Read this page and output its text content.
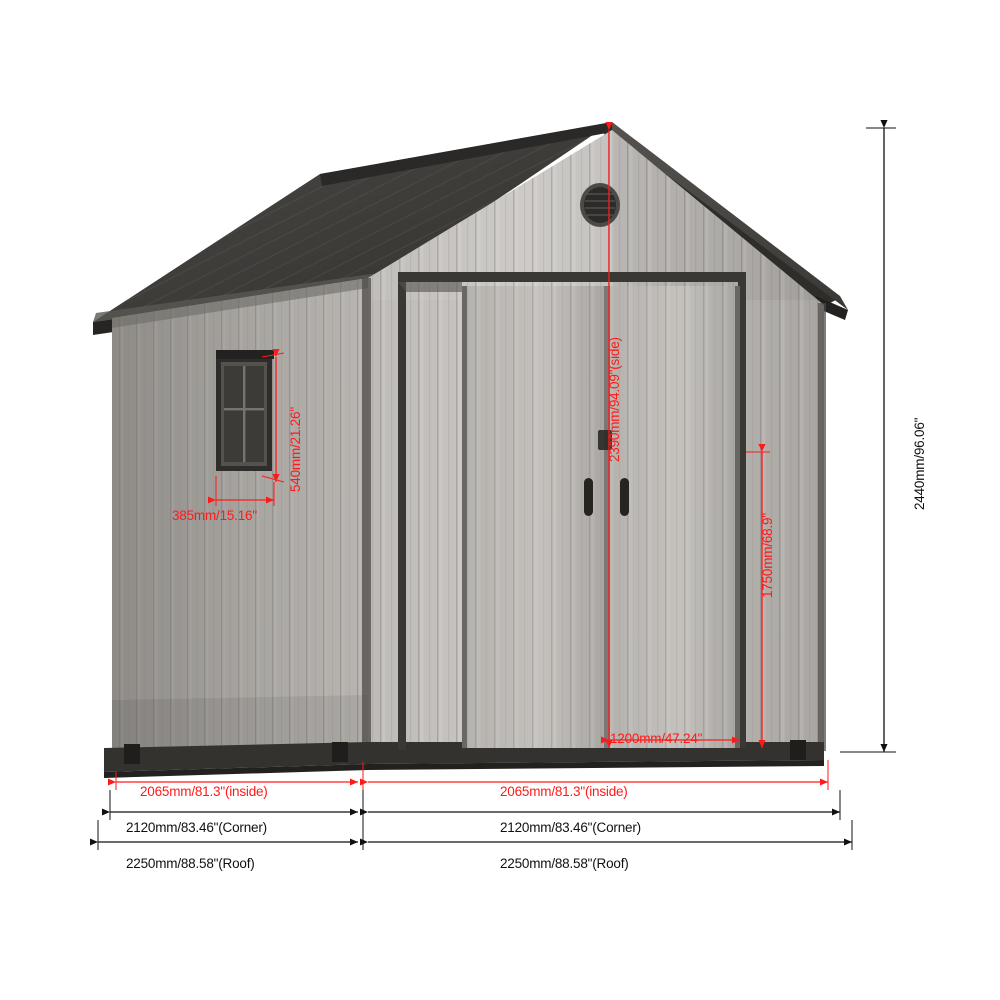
2390mm/94.09"(side)
1750mm/68.9"
1200mm/47.24"
540mm/21.26"
385mm/15.16"
2065mm/81.3"(inside)	2065mm/81.3"(inside)
2120mm/83.46"(Corner)	2120mm/83.46"(Corner)
2250mm/88.58"(Roof)	2250mm/88.58"(Roof)
2440mm/96.06"
